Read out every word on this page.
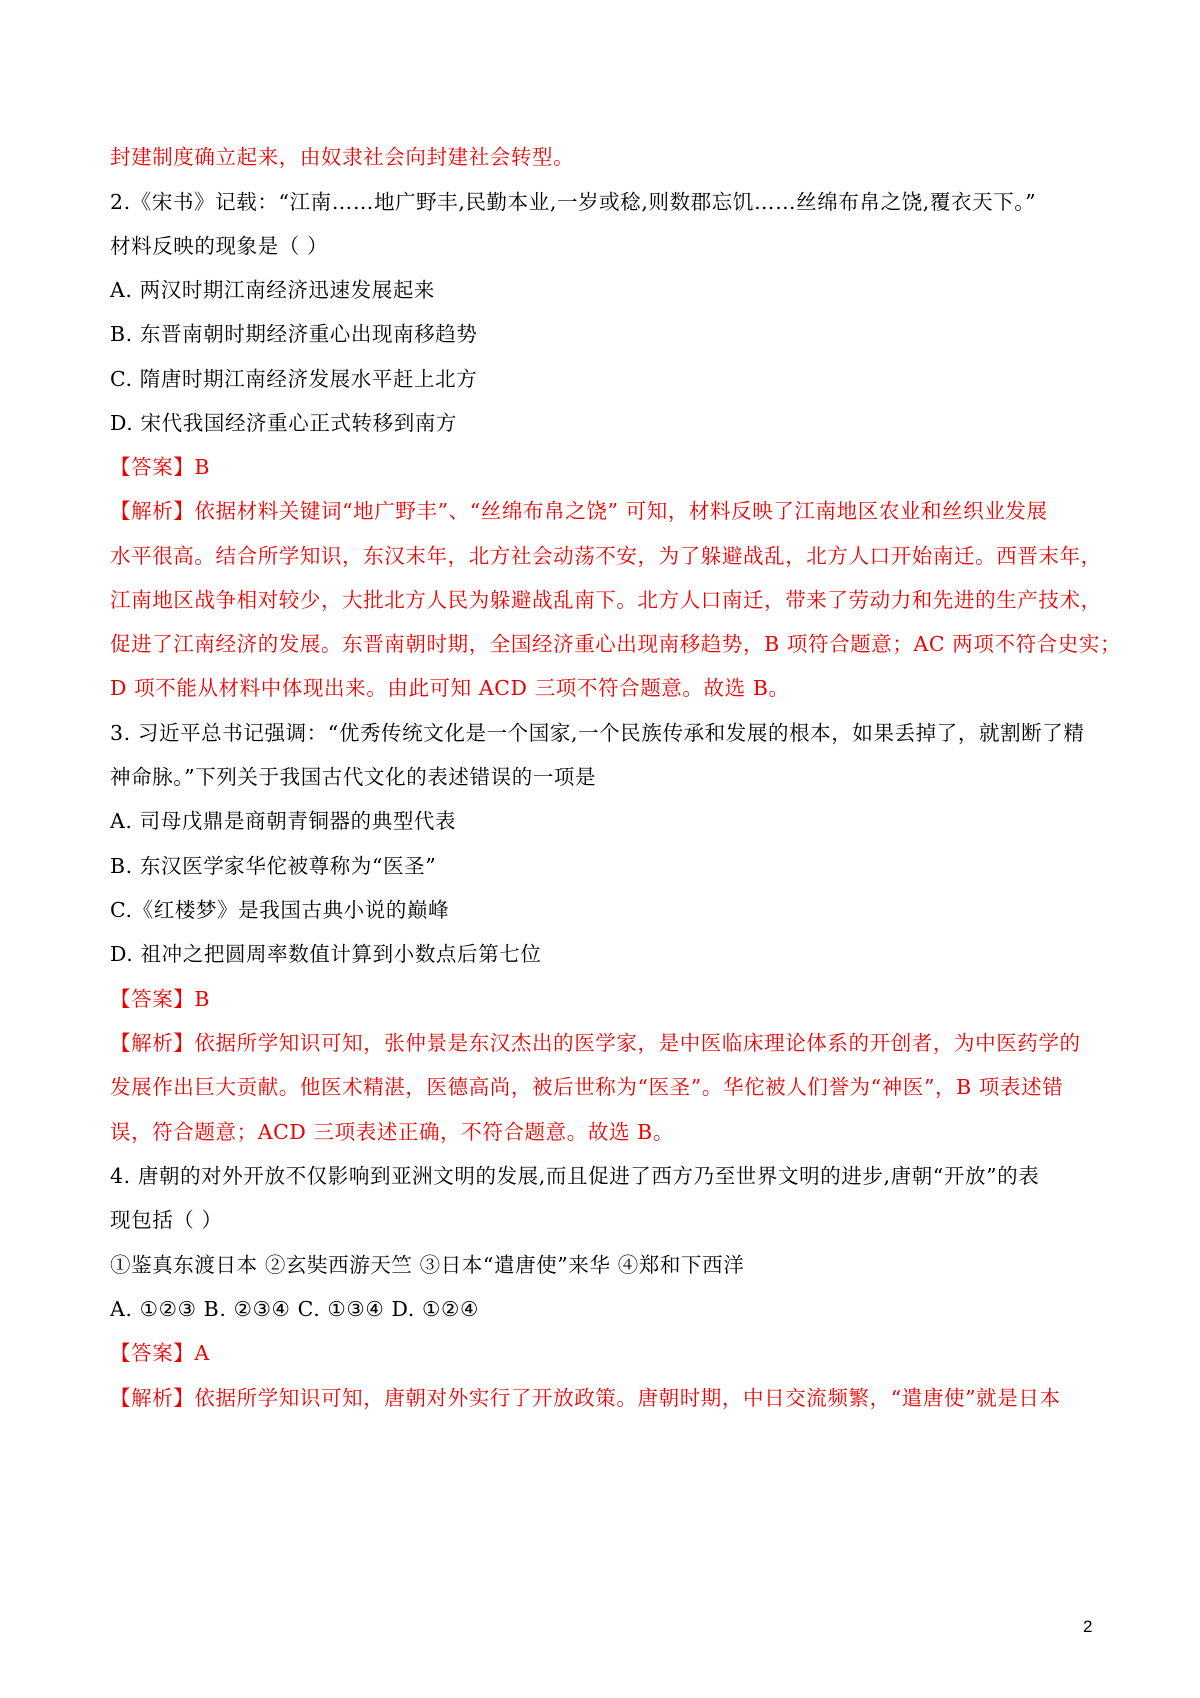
封建制度确立起来，由奴隶社会向封建社会转型。
2.《宋书》记载：“江南……地广野丰,民勤本业,一岁或稔,则数郡忘饥……丝绵布帛之饶,覆衣天下。”
材料反映的现象是（ ）
A. 两汉时期江南经济迅速发展起来
B. 东晋南朝时期经济重心出现南移趋势
C. 隋唐时期江南经济发展水平赶上北方
D. 宋代我国经济重心正式转移到南方
【答案】B
【解析】依据材料关键词“地广野丰”、“丝绵布帛之饶” 可知，材料反映了江南地区农业和丝织业发展
水平很高。结合所学知识，东汉末年，北方社会动荡不安，为了躲避战乱，北方人口开始南迁。西晋末年，
江南地区战争相对较少，大批北方人民为躲避战乱南下。北方人口南迁，带来了劳动力和先进的生产技术，
促进了江南经济的发展。东晋南朝时期，全国经济重心出现南移趋势，B 项符合题意；AC 两项不符合史实；
D 项不能从材料中体现出来。由此可知 ACD 三项不符合题意。故选 B。
3. 习近平总书记强调：“优秀传统文化是一个国家,一个民族传承和发展的根本，如果丢掉了，就割断了精
神命脉。”下列关于我国古代文化的表述错误的一项是
A. 司母戊鼎是商朝青铜器的典型代表
B. 东汉医学家华佗被尊称为“医圣”
C.《红楼梦》是我国古典小说的巅峰
D. 祖冲之把圆周率数值计算到小数点后第七位
【答案】B
【解析】依据所学知识可知，张仲景是东汉杰出的医学家，是中医临床理论体系的开创者，为中医药学的
发展作出巨大贡献。他医术精湛，医德高尚，被后世称为“医圣”。华佗被人们誉为“神医”，B 项表述错
误，符合题意；ACD 三项表述正确，不符合题意。故选 B。
4. 唐朝的对外开放不仅影响到亚洲文明的发展,而且促进了西方乃至世界文明的进步,唐朝“开放”的表
现包括（ ）
①鉴真东渡日本 ②玄奘西游天竺 ③日本“遣唐使”来华 ④郑和下西洋
A. ①②③ B. ②③④ C. ①③④ D. ①②④
【答案】A
【解析】依据所学知识可知，唐朝对外实行了开放政策。唐朝时期，中日交流频繁，“遣唐使”就是日本
2
